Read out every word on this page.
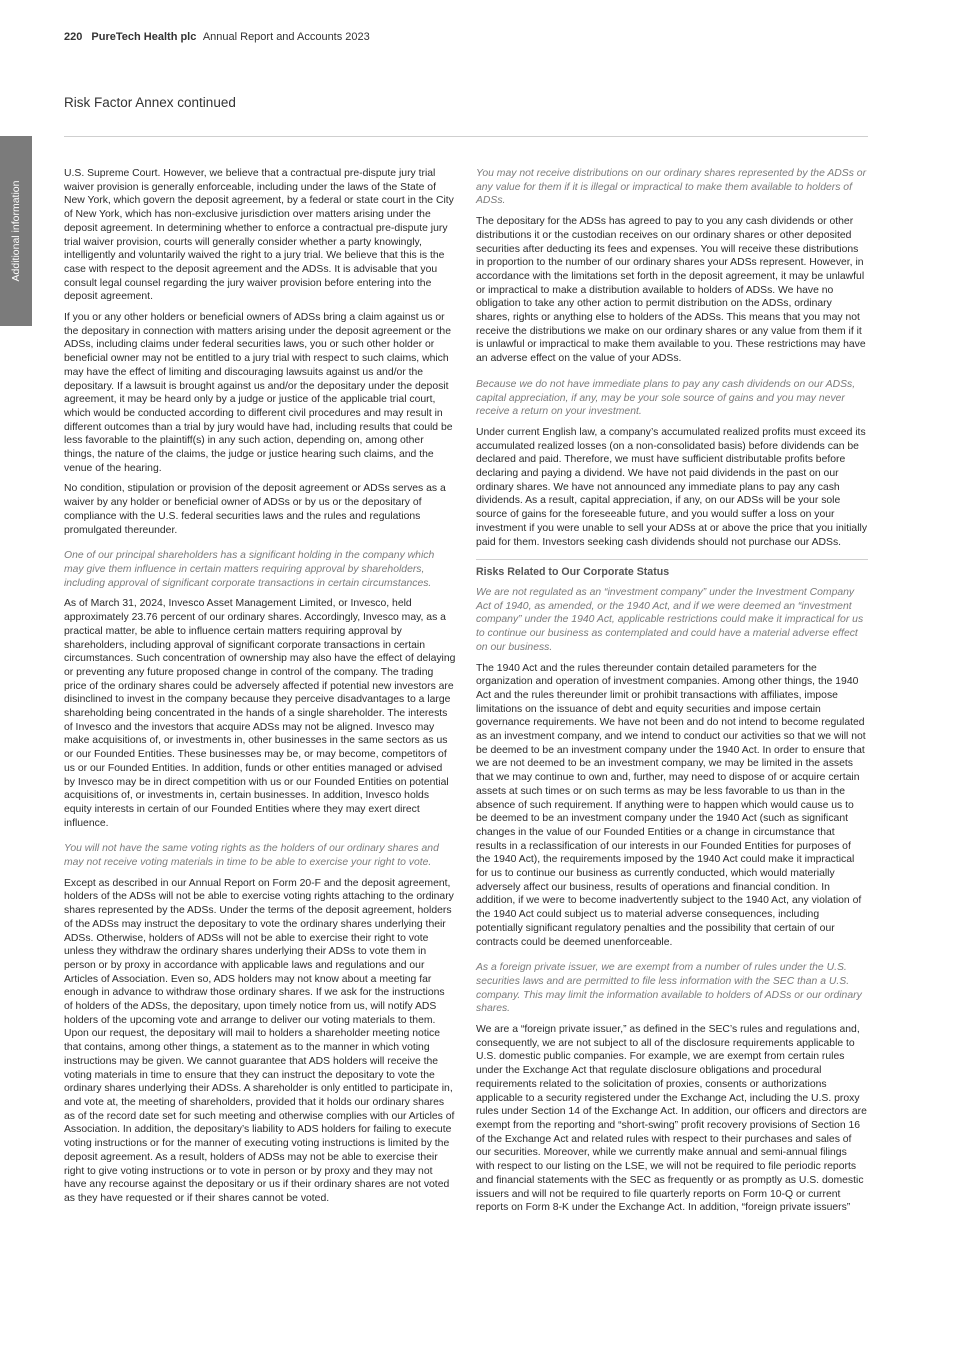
220 PureTech Health plc Annual Report and Accounts 2023
Risk Factor Annex continued
Additional information

U.S. Supreme Court. However, we believe that a contractual pre-dispute jury trial waiver provision is generally enforceable, including under the laws of the State of New York, which govern the deposit agreement, by a federal or state court in the City of New York, which has non-exclusive jurisdiction over matters arising under the deposit agreement. In determining whether to enforce a contractual pre-dispute jury trial waiver provision, courts will generally consider whether a party knowingly, intelligently and voluntarily waived the right to a jury trial. We believe that this is the case with respect to the deposit agreement and the ADSs. It is advisable that you consult legal counsel regarding the jury waiver provision before entering into the deposit agreement.

If you or any other holders or beneficial owners of ADSs bring a claim against us or the depositary in connection with matters arising under the deposit agreement or the ADSs, including claims under federal securities laws, you or such other holder or beneficial owner may not be entitled to a jury trial with respect to such claims, which may have the effect of limiting and discouraging lawsuits against us and/or the depositary. If a lawsuit is brought against us and/or the depositary under the deposit agreement, it may be heard only by a judge or justice of the applicable trial court, which would be conducted according to different civil procedures and may result in different outcomes than a trial by jury would have had, including results that could be less favorable to the plaintiff(s) in any such action, depending on, among other things, the nature of the claims, the judge or justice hearing such claims, and the venue of the hearing.

No condition, stipulation or provision of the deposit agreement or ADSs serves as a waiver by any holder or beneficial owner of ADSs or by us or the depositary of compliance with the U.S. federal securities laws and the rules and regulations promulgated thereunder.

One of our principal shareholders has a significant holding in the company which may give them influence in certain matters requiring approval by shareholders, including approval of significant corporate transactions in certain circumstances.

As of March 31, 2024, Invesco Asset Management Limited, or Invesco, held approximately 23.76 percent of our ordinary shares. Accordingly, Invesco may, as a practical matter, be able to influence certain matters requiring approval by shareholders, including approval of significant corporate transactions in certain circumstances. Such concentration of ownership may also have the effect of delaying or preventing any future proposed change in control of the company. The trading price of the ordinary shares could be adversely affected if potential new investors are disinclined to invest in the company because they perceive disadvantages to a large shareholding being concentrated in the hands of a single shareholder. The interests of Invesco and the investors that acquire ADSs may not be aligned. Invesco may make acquisitions of, or investments in, other businesses in the same sectors as us or our Founded Entities. These businesses may be, or may become, competitors of us or our Founded Entities. In addition, funds or other entities managed or advised by Invesco may be in direct competition with us or our Founded Entities on potential acquisitions of, or investments in, certain businesses. In addition, Invesco holds equity interests in certain of our Founded Entities where they may exert direct influence.

You will not have the same voting rights as the holders of our ordinary shares and may not receive voting materials in time to be able to exercise your right to vote.

Except as described in our Annual Report on Form 20-F and the deposit agreement, holders of the ADSs will not be able to exercise voting rights attaching to the ordinary shares represented by the ADSs. Under the terms of the deposit agreement, holders of the ADSs may instruct the depositary to vote the ordinary shares underlying their ADSs. Otherwise, holders of ADSs will not be able to exercise their right to vote unless they withdraw the ordinary shares underlying their ADSs to vote them in person or by proxy in accordance with applicable laws and regulations and our Articles of Association. Even so, ADS holders may not know about a meeting far enough in advance to withdraw those ordinary shares. If we ask for the instructions of holders of the ADSs, the depositary, upon timely notice from us, will notify ADS holders of the upcoming vote and arrange to deliver our voting materials to them. Upon our request, the depositary will mail to holders a shareholder meeting notice that contains, among other things, a statement as to the manner in which voting instructions may be given. We cannot guarantee that ADS holders will receive the voting materials in time to ensure that they can instruct the depositary to vote the ordinary shares underlying their ADSs. A shareholder is only entitled to participate in, and vote at, the meeting of shareholders, provided that it holds our ordinary shares as of the record date set for such meeting and otherwise complies with our Articles of Association. In addition, the depositary’s liability to ADS holders for failing to execute voting instructions or for the manner of executing voting instructions is limited by the deposit agreement. As a result, holders of ADSs may not be able to exercise their right to give voting instructions or to vote in person or by proxy and they may not have any recourse against the depositary or us if their ordinary shares are not voted as they have requested or if their shares cannot be voted.

You may not receive distributions on our ordinary shares represented by the ADSs or any value for them if it is illegal or impractical to make them available to holders of ADSs.

The depositary for the ADSs has agreed to pay to you any cash dividends or other distributions it or the custodian receives on our ordinary shares or other deposited securities after deducting its fees and expenses. You will receive these distributions in proportion to the number of our ordinary shares your ADSs represent. However, in accordance with the limitations set forth in the deposit agreement, it may be unlawful or impractical to make a distribution available to holders of ADSs. We have no obligation to take any other action to permit distribution on the ADSs, ordinary shares, rights or anything else to holders of the ADSs. This means that you may not receive the distributions we make on our ordinary shares or any value from them if it is unlawful or impractical to make them available to you. These restrictions may have an adverse effect on the value of your ADSs.

Because we do not have immediate plans to pay any cash dividends on our ADSs, capital appreciation, if any, may be your sole source of gains and you may never receive a return on your investment.

Under current English law, a company’s accumulated realized profits must exceed its accumulated realized losses (on a non-consolidated basis) before dividends can be declared and paid. Therefore, we must have sufficient distributable profits before declaring and paying a dividend. We have not paid dividends in the past on our ordinary shares. We have not announced any immediate plans to pay any cash dividends. As a result, capital appreciation, if any, on our ADSs will be your sole source of gains for the foreseeable future, and you would suffer a loss on your investment if you were unable to sell your ADSs at or above the price that you initially paid for them. Investors seeking cash dividends should not purchase our ADSs.

Risks Related to Our Corporate Status

We are not regulated as an “investment company” under the Investment Company Act of 1940, as amended, or the 1940 Act, and if we were deemed an “investment company” under the 1940 Act, applicable restrictions could make it impractical for us to continue our business as contemplated and could have a material adverse effect on our business.

The 1940 Act and the rules thereunder contain detailed parameters for the organization and operation of investment companies. Among other things, the 1940 Act and the rules thereunder limit or prohibit transactions with affiliates, impose limitations on the issuance of debt and equity securities and impose certain governance requirements. We have not been and do not intend to become regulated as an investment company, and we intend to conduct our activities so that we will not be deemed to be an investment company under the 1940 Act. In order to ensure that we are not deemed to be an investment company, we may be limited in the assets that we may continue to own and, further, may need to dispose of or acquire certain assets at such times or on such terms as may be less favorable to us than in the absence of such requirement. If anything were to happen which would cause us to be deemed to be an investment company under the 1940 Act (such as significant changes in the value of our Founded Entities or a change in circumstance that results in a reclassification of our interests in our Founded Entities for purposes of the 1940 Act), the requirements imposed by the 1940 Act could make it impractical for us to continue our business as currently conducted, which would materially adversely affect our business, results of operations and financial condition. In addition, if we were to become inadvertently subject to the 1940 Act, any violation of the 1940 Act could subject us to material adverse consequences, including potentially significant regulatory penalties and the possibility that certain of our contracts could be deemed unenforceable.

As a foreign private issuer, we are exempt from a number of rules under the U.S. securities laws and are permitted to file less information with the SEC than a U.S. company. This may limit the information available to holders of ADSs or our ordinary shares.

We are a “foreign private issuer,” as defined in the SEC’s rules and regulations and, consequently, we are not subject to all of the disclosure requirements applicable to U.S. domestic public companies. For example, we are exempt from certain rules under the Exchange Act that regulate disclosure obligations and procedural requirements related to the solicitation of proxies, consents or authorizations applicable to a security registered under the Exchange Act, including the U.S. proxy rules under Section 14 of the Exchange Act. In addition, our officers and directors are exempt from the reporting and “short-swing” profit recovery provisions of Section 16 of the Exchange Act and related rules with respect to their purchases and sales of our securities. Moreover, while we currently make annual and semi-annual filings with respect to our listing on the LSE, we will not be required to file periodic reports and financial statements with the SEC as frequently or as promptly as U.S. domestic issuers and will not be required to file quarterly reports on Form 10-Q or current reports on Form 8-K under the Exchange Act. In addition, “foreign private issuers”
